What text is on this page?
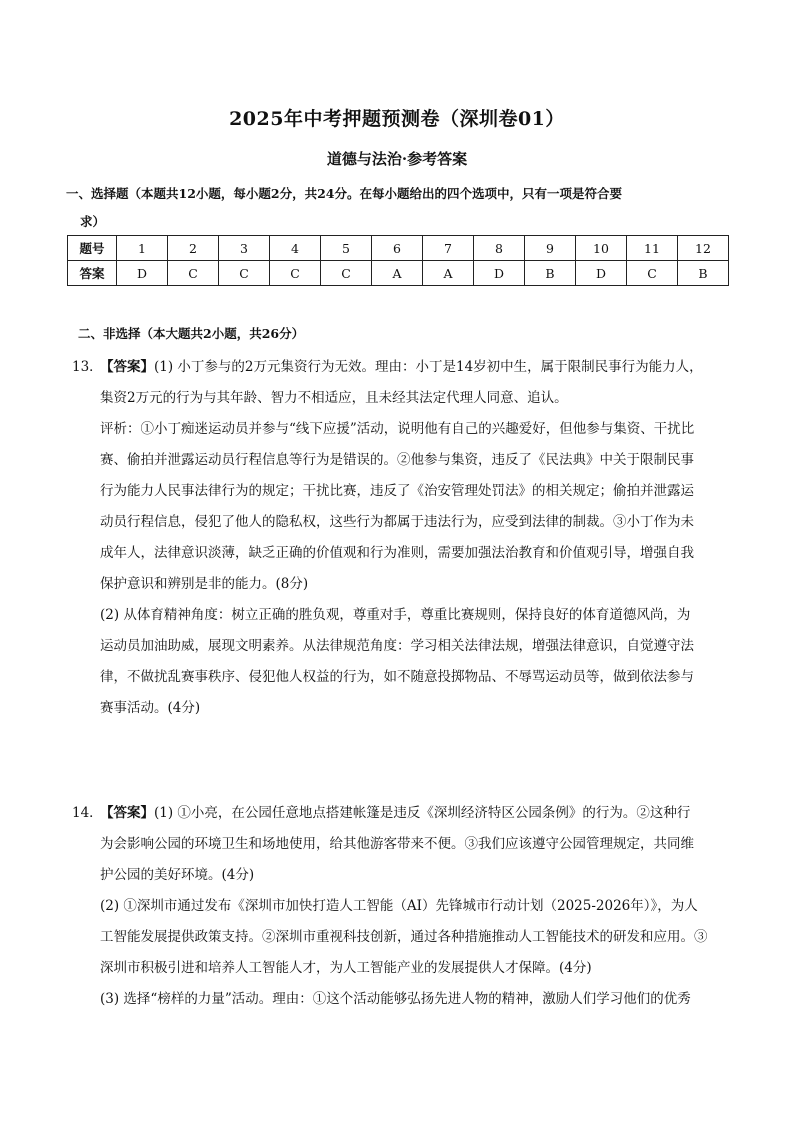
2025年中考押题预测卷（深圳卷01）
道德与法治·参考答案
一、选择题（本题共12小题，每小题2分，共24分。在每小题给出的四个选项中，只有一项是符合要
求）
题号	1	2	3	4	5	6	7	8	9	10	11	12
答案	D	C	C	C	C	A	A	D	B	D	C	B
二、非选择（本大题共2小题，共26分）

13．【答案】(1) 小丁参与的2万元集资行为无效。理由：小丁是14岁初中生，属于限制民事行为能力人，

集资2万元的行为与其年龄、智力不相适应，且未经其法定代理人同意、追认。

评析：①小丁痴迷运动员并参与“线下应援”活动，说明他有自己的兴趣爱好，但他参与集资、干扰比

赛、偷拍并泄露运动员行程信息等行为是错误的。②他参与集资，违反了《民法典》中关于限制民事

行为能力人民事法律行为的规定；干扰比赛，违反了《治安管理处罚法》的相关规定；偷拍并泄露运

动员行程信息，侵犯了他人的隐私权，这些行为都属于违法行为，应受到法律的制裁。③小丁作为未

成年人，法律意识淡薄，缺乏正确的价值观和行为准则，需要加强法治教育和价值观引导，增强自我

保护意识和辨别是非的能力。(8分)

(2) 从体育精神角度：树立正确的胜负观，尊重对手，尊重比赛规则，保持良好的体育道德风尚，为

运动员加油助威，展现文明素养。从法律规范角度：学习相关法律法规，增强法律意识，自觉遵守法

律，不做扰乱赛事秩序、侵犯他人权益的行为，如不随意投掷物品、不辱骂运动员等，做到依法参与

赛事活动。(4分)

14．【答案】(1) ①小亮，在公园任意地点搭建帐篷是违反《深圳经济特区公园条例》的行为。②这种行

为会影响公园的环境卫生和场地使用，给其他游客带来不便。③我们应该遵守公园管理规定，共同维

护公园的美好环境。(4分)

(2) ①深圳市通过发布《深圳市加快打造人工智能（AI）先锋城市行动计划（2025-2026年）》，为人

工智能发展提供政策支持。②深圳市重视科技创新，通过各种措施推动人工智能技术的研发和应用。③

深圳市积极引进和培养人工智能人才，为人工智能产业的发展提供人才保障。(4分)

(3) 选择“榜样的力量”活动。理由：①这个活动能够弘扬先进人物的精神，激励人们学习他们的优秀
